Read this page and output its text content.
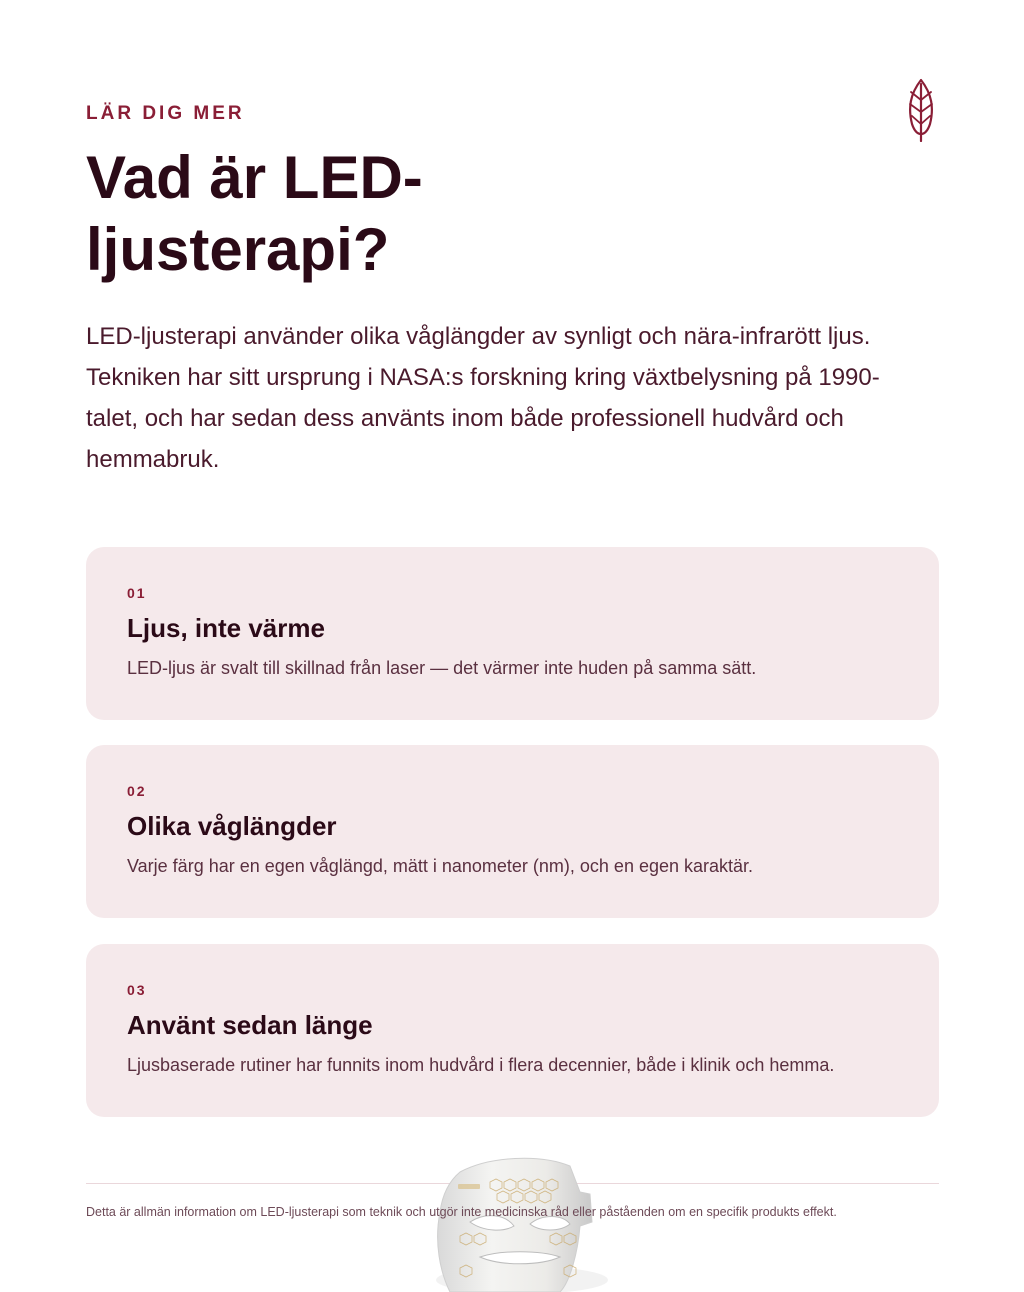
LÄR DIG MER
Vad är LED-ljusterapi?

LED-ljusterapi använder olika våglängder av synligt och nära-infrarött ljus. Tekniken har sitt ursprung i NASA:s forskning kring växtbelysning på 1990-talet, och har sedan dess använts inom både professionell hudvård och hemmabruk.

01
Ljus, inte värme

LED-ljus är svalt till skillnad från laser — det värmer inte huden på samma sätt.

02
Olika våglängder

Varje färg har en egen våglängd, mätt i nanometer (nm), och en egen karaktär.

03
Använt sedan länge

Ljusbaserade rutiner har funnits inom hudvård i flera decennier, både i klinik och hemma.

Detta är allmän information om LED-ljusterapi som teknik och utgör inte medicinska råd eller påståenden om en specifik produkts effekt.
